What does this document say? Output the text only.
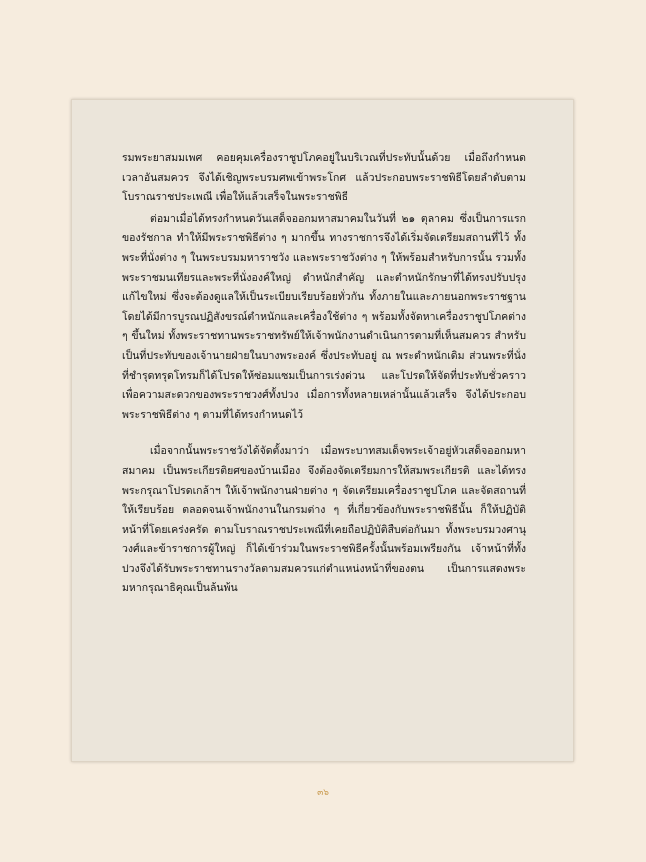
รมพระยาสมมเพศ คอยคุมเครื่องราชูปโภคอยู่ในบริเวณที่ประทับนั้นด้วย เมื่อถึงกำหนดเวลาอันสมควร จึงได้เชิญพระบรมศพเข้าพระโกศ แล้วประกอบพระราชพิธีโดยลำดับตามโบราณราชประเพณี เพื่อให้แล้วเสร็จในพระราชพิธี

ต่อมาเมื่อได้ทรงกำหนดวันเสด็จออกมหาสมาคมในวันที่ ๒๑ ตุลาคม ซึ่งเป็นการแรกของรัชกาล ทำให้มีพระราชพิธีต่าง ๆ มากขึ้น ทางราชการจึงได้เริ่มจัดเตรียมสถานที่ไว้ ทั้งพระที่นั่งต่าง ๆ ในพระบรมมหาราชวัง และพระราชวังต่าง ๆ ให้พร้อมสำหรับการนั้น รวมทั้งพระราชมนเทียรและพระที่นั่งองค์ใหญ่ ตำหนักสำคัญ และตำหนักรักษาที่ได้ทรงปรับปรุงแก้ไขใหม่ ซึ่งจะต้องดูแลให้เป็นระเบียบเรียบร้อยทั่วกัน ทั้งภายในและภายนอกพระราชฐาน โดยได้มีการบูรณปฏิสังขรณ์ตำหนักและเครื่องใช้ต่าง ๆ พร้อมทั้งจัดหาเครื่องราชูปโภคต่าง ๆ ขึ้นใหม่ ทั้งพระราชทานพระราชทรัพย์ให้เจ้าพนักงานดำเนินการตามที่เห็นสมควร สำหรับเป็นที่ประทับของเจ้านายฝ่ายในบางพระองค์ ซึ่งประทับอยู่ ณ พระตำหนักเดิม ส่วนพระที่นั่งที่ชำรุดทรุดโทรมก็ได้โปรดให้ซ่อมแซมเป็นการเร่งด่วน และโปรดให้จัดที่ประทับชั่วคราว เพื่อความสะดวกของพระราชวงศ์ทั้งปวง เมื่อการทั้งหลายเหล่านั้นแล้วเสร็จ จึงได้ประกอบพระราชพิธีต่าง ๆ ตามที่ได้ทรงกำหนดไว้

เมื่อจากนั้นพระราชวังได้จัดตั้งมาว่า เมื่อพระบาทสมเด็จพระเจ้าอยู่หัวเสด็จออกมหาสมาคม เป็นพระเกียรติยศของบ้านเมือง จึงต้องจัดเตรียมการให้สมพระเกียรติ และได้ทรงพระกรุณาโปรดเกล้าฯ ให้เจ้าพนักงานฝ่ายต่าง ๆ จัดเตรียมเครื่องราชูปโภค และจัดสถานที่ให้เรียบร้อย ตลอดจนเจ้าพนักงานในกรมต่าง ๆ ที่เกี่ยวข้องกับพระราชพิธีนั้น ก็ให้ปฏิบัติหน้าที่โดยเคร่งครัด ตามโบราณราชประเพณีที่เคยถือปฏิบัติสืบต่อกันมา ทั้งพระบรมวงศานุวงศ์และข้าราชการผู้ใหญ่ ก็ได้เข้าร่วมในพระราชพิธีครั้งนั้นพร้อมเพรียงกัน เจ้าหน้าที่ทั้งปวงจึงได้รับพระราชทานรางวัลตามสมควรแก่ตำแหน่งหน้าที่ของตน เป็นการแสดงพระมหากรุณาธิคุณเป็นล้นพ้น

๓๖
